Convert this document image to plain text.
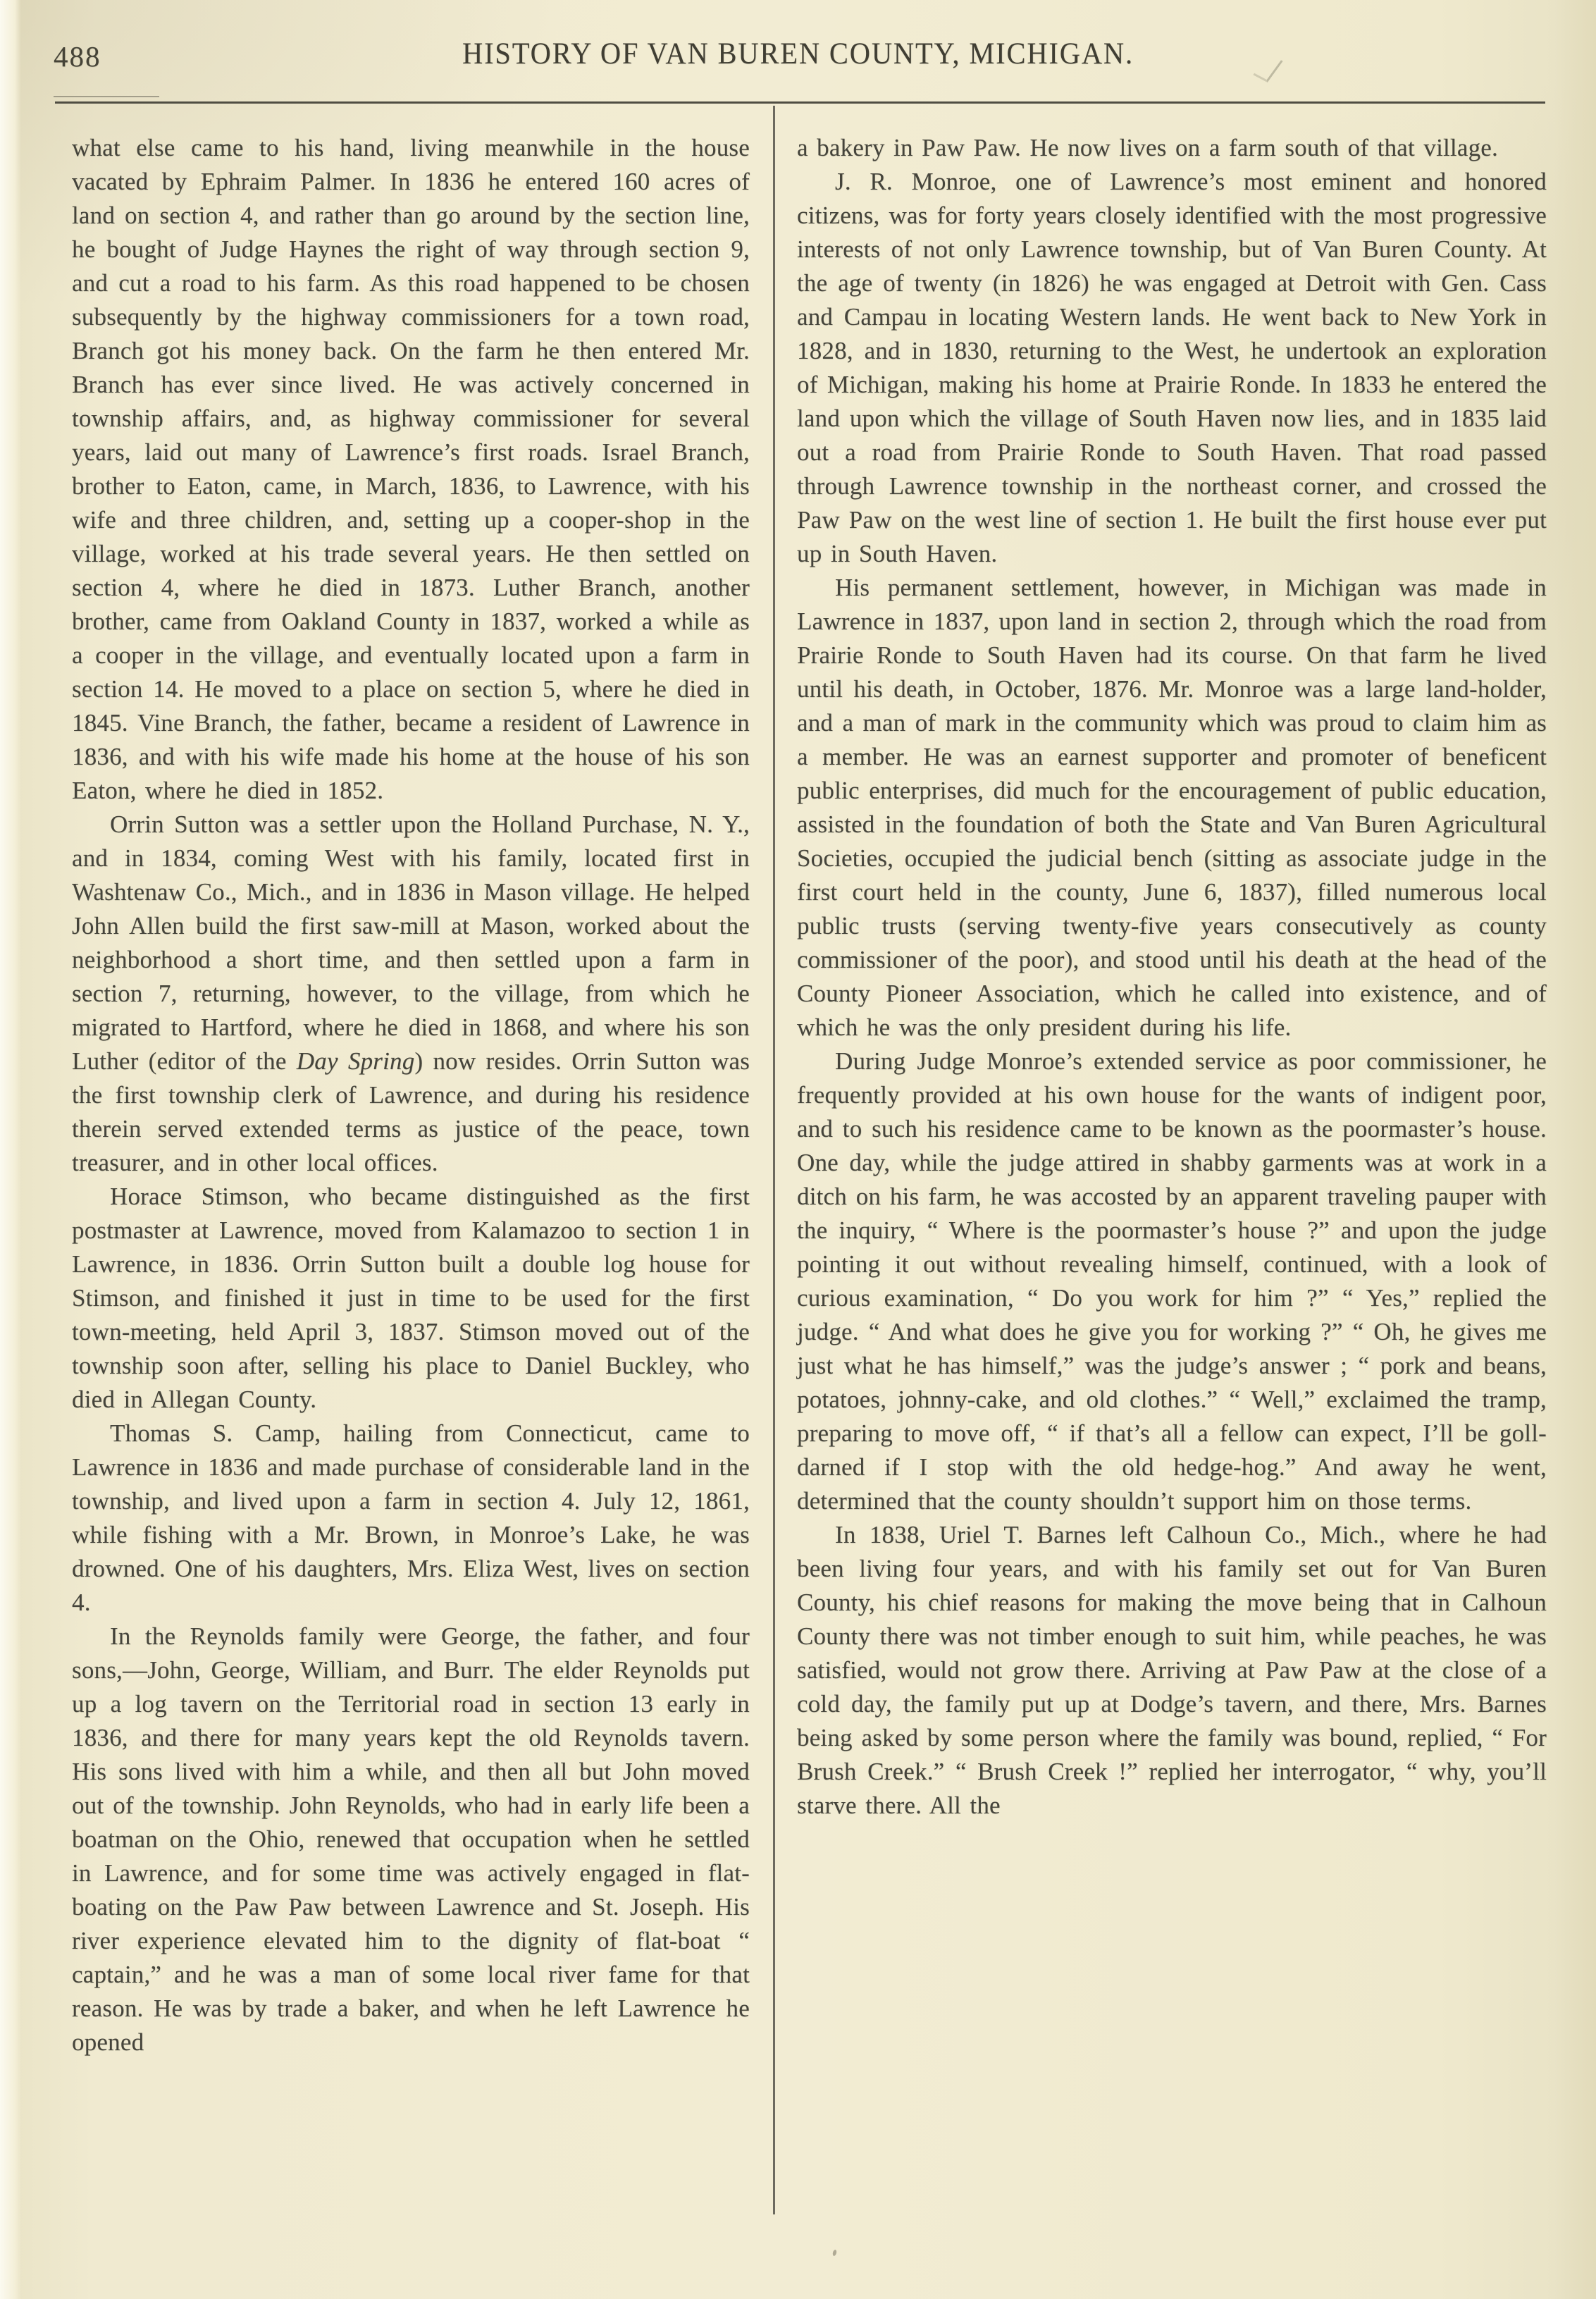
488	HISTORY OF VAN BUREN COUNTY, MICHIGAN.

what else came to his hand, living meanwhile in the house vacated by Ephraim Palmer. In 1836 he entered 160 acres of land on section 4, and rather than go around by the section line, he bought of Judge Haynes the right of way through section 9, and cut a road to his farm. As this road happened to be chosen subsequently by the highway commissioners for a town road, Branch got his money back. On the farm he then entered Mr. Branch has ever since lived. He was actively concerned in township affairs, and, as highway commissioner for several years, laid out many of Lawrence’s first roads. Israel Branch, brother to Eaton, came, in March, 1836, to Lawrence, with his wife and three children, and, setting up a cooper-shop in the village, worked at his trade several years. He then settled on section 4, where he died in 1873. Luther Branch, another brother, came from Oakland County in 1837, worked a while as a cooper in the village, and eventually located upon a farm in section 14. He moved to a place on section 5, where he died in 1845. Vine Branch, the father, became a resident of Lawrence in 1836, and with his wife made his home at the house of his son Eaton, where he died in 1852.

Orrin Sutton was a settler upon the Holland Purchase, N. Y., and in 1834, coming West with his family, located first in Washtenaw Co., Mich., and in 1836 in Mason village. He helped John Allen build the first saw-mill at Mason, worked about the neighborhood a short time, and then settled upon a farm in section 7, returning, however, to the village, from which he migrated to Hartford, where he died in 1868, and where his son Luther (editor of the Day Spring) now resides. Orrin Sutton was the first township clerk of Lawrence, and during his residence therein served extended terms as justice of the peace, town treasurer, and in other local offices.

Horace Stimson, who became distinguished as the first postmaster at Lawrence, moved from Kalamazoo to section 1 in Lawrence, in 1836. Orrin Sutton built a double log house for Stimson, and finished it just in time to be used for the first town-meeting, held April 3, 1837. Stimson moved out of the township soon after, selling his place to Daniel Buckley, who died in Allegan County.

Thomas S. Camp, hailing from Connecticut, came to Lawrence in 1836 and made purchase of considerable land in the township, and lived upon a farm in section 4. July 12, 1861, while fishing with a Mr. Brown, in Monroe’s Lake, he was drowned. One of his daughters, Mrs. Eliza West, lives on section 4.

In the Reynolds family were George, the father, and four sons,—John, George, William, and Burr. The elder Reynolds put up a log tavern on the Territorial road in section 13 early in 1836, and there for many years kept the old Reynolds tavern. His sons lived with him a while, and then all but John moved out of the township. John Reynolds, who had in early life been a boatman on the Ohio, renewed that occupation when he settled in Lawrence, and for some time was actively engaged in flat-boating on the Paw Paw between Lawrence and St. Joseph. His river experience elevated him to the dignity of flat-boat “ captain,” and he was a man of some local river fame for that reason. He was by trade a baker, and when he left Lawrence he opened

a bakery in Paw Paw. He now lives on a farm south of that village.

J. R. Monroe, one of Lawrence’s most eminent and honored citizens, was for forty years closely identified with the most progressive interests of not only Lawrence township, but of Van Buren County. At the age of twenty (in 1826) he was engaged at Detroit with Gen. Cass and Campau in locating Western lands. He went back to New York in 1828, and in 1830, returning to the West, he undertook an exploration of Michigan, making his home at Prairie Ronde. In 1833 he entered the land upon which the village of South Haven now lies, and in 1835 laid out a road from Prairie Ronde to South Haven. That road passed through Lawrence township in the northeast corner, and crossed the Paw Paw on the west line of section 1. He built the first house ever put up in South Haven.

His permanent settlement, however, in Michigan was made in Lawrence in 1837, upon land in section 2, through which the road from Prairie Ronde to South Haven had its course. On that farm he lived until his death, in October, 1876. Mr. Monroe was a large land-holder, and a man of mark in the community which was proud to claim him as a member. He was an earnest supporter and promoter of beneficent public enterprises, did much for the encouragement of public education, assisted in the foundation of both the State and Van Buren Agricultural Societies, occupied the judicial bench (sitting as associate judge in the first court held in the county, June 6, 1837), filled numerous local public trusts (serving twenty-five years consecutively as county commissioner of the poor), and stood until his death at the head of the County Pioneer Association, which he called into existence, and of which he was the only president during his life.

During Judge Monroe’s extended service as poor commissioner, he frequently provided at his own house for the wants of indigent poor, and to such his residence came to be known as the poormaster’s house. One day, while the judge attired in shabby garments was at work in a ditch on his farm, he was accosted by an apparent traveling pauper with the inquiry, “ Where is the poormaster’s house ?” and upon the judge pointing it out without revealing himself, continued, with a look of curious examination, “ Do you work for him ?” “ Yes,” replied the judge. “ And what does he give you for working ?” “ Oh, he gives me just what he has himself,” was the judge’s answer ; “ pork and beans, potatoes, johnny-cake, and old clothes.” “ Well,” exclaimed the tramp, preparing to move off, “ if that’s all a fellow can expect, I’ll be goll-darned if I stop with the old hedge-hog.” And away he went, determined that the county shouldn’t support him on those terms.

In 1838, Uriel T. Barnes left Calhoun Co., Mich., where he had been living four years, and with his family set out for Van Buren County, his chief reasons for making the move being that in Calhoun County there was not timber enough to suit him, while peaches, he was satisfied, would not grow there. Arriving at Paw Paw at the close of a cold day, the family put up at Dodge’s tavern, and there, Mrs. Barnes being asked by some person where the family was bound, replied, “ For Brush Creek.” “ Brush Creek !” replied her interrogator, “ why, you’ll starve there. All the
